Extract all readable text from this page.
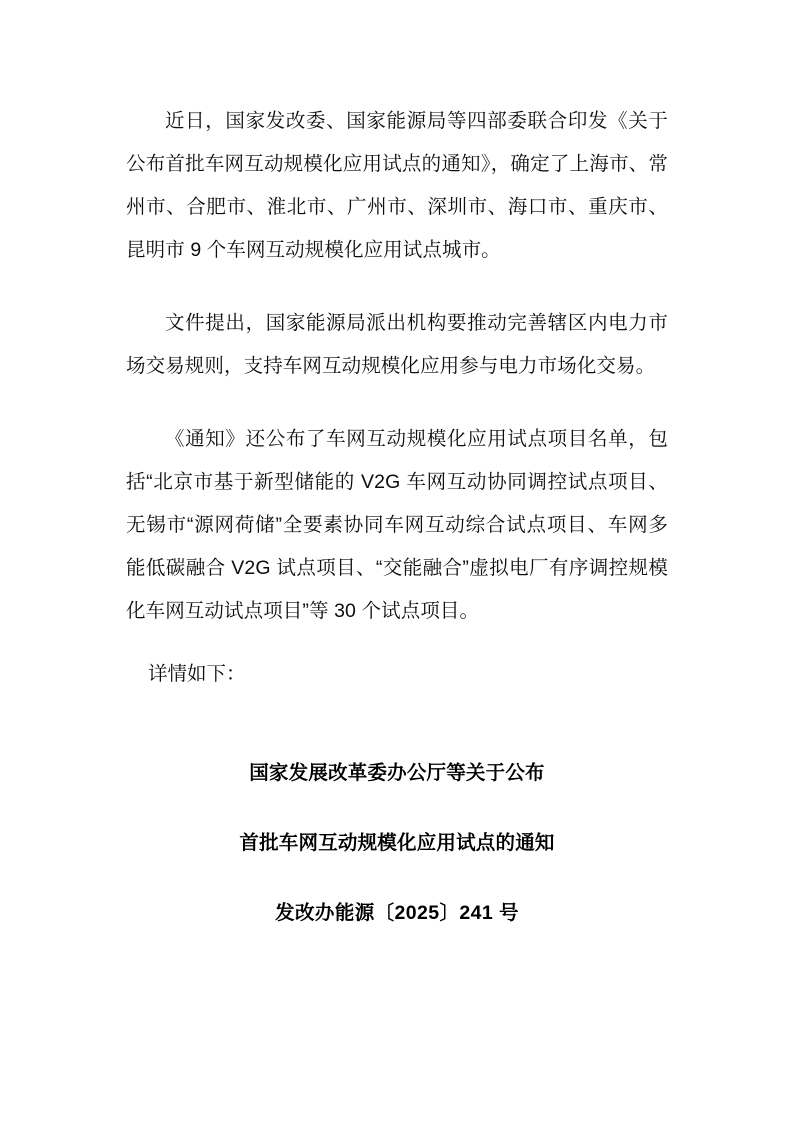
近日，国家发改委、国家能源局等四部委联合印发《关于公布首批车网互动规模化应用试点的通知》，确定了上海市、常州市、合肥市、淮北市、广州市、深圳市、海口市、重庆市、昆明市 9 个车网互动规模化应用试点城市。

文件提出，国家能源局派出机构要推动完善辖区内电力市场交易规则，支持车网互动规模化应用参与电力市场化交易。

《通知》还公布了车网互动规模化应用试点项目名单，包括“北京市基于新型储能的 V2G 车网互动协同调控试点项目、无锡市“源网荷储”全要素协同车网互动综合试点项目、车网多能低碳融合 V2G 试点项目、“交能融合”虚拟电厂有序调控规模化车网互动试点项目”等 30 个试点项目。

详情如下：

国家发展改革委办公厅等关于公布
首批车网互动规模化应用试点的通知
发改办能源〔2025〕241 号
